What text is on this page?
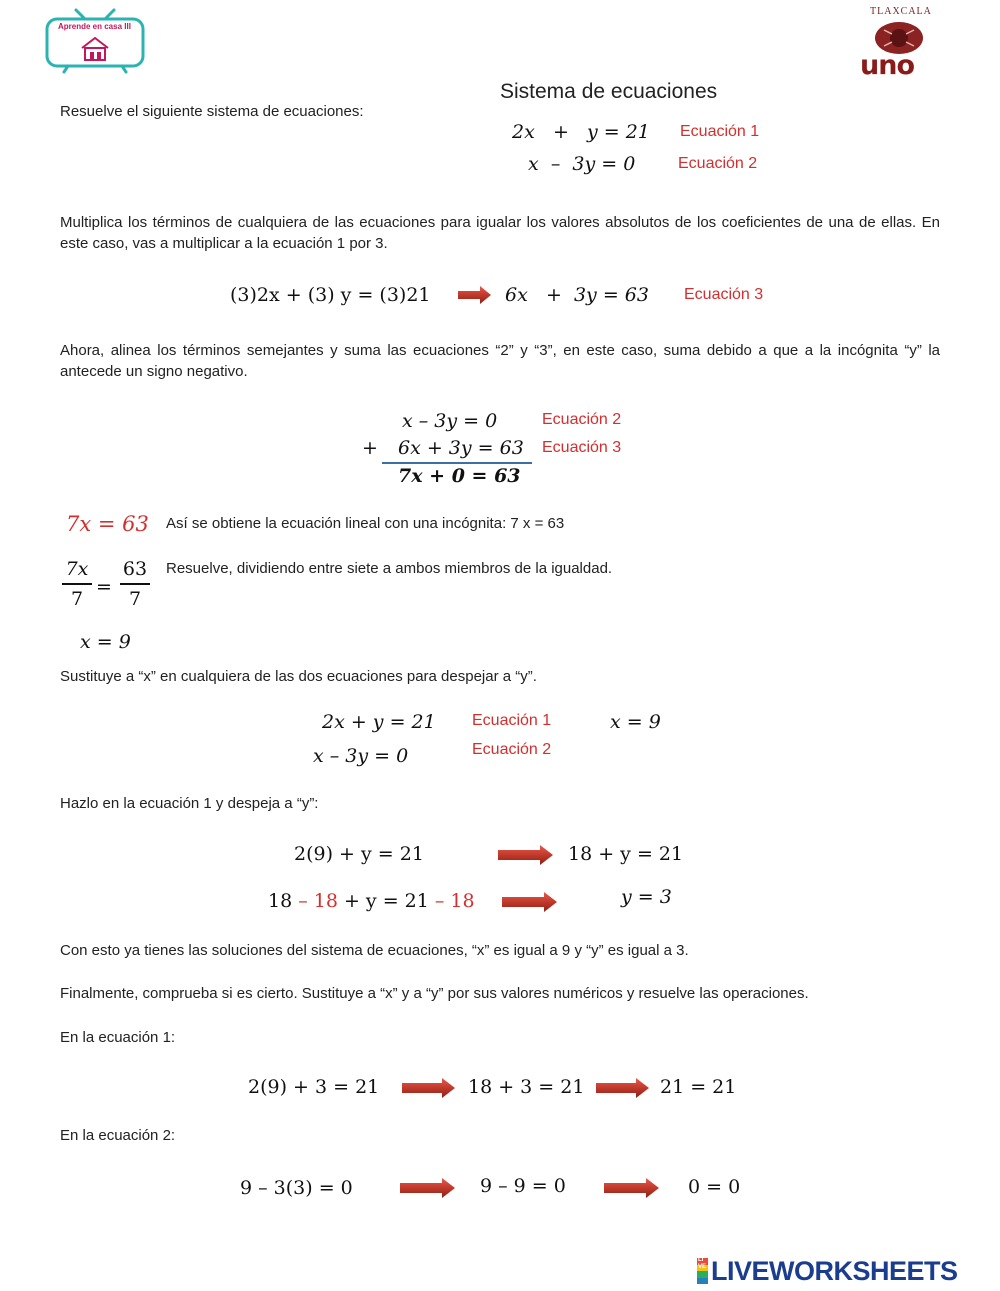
Aprende en casa III
TLAXCALA
uno
Sistema de ecuaciones
Resuelve el siguiente sistema de ecuaciones:
2x + y = 21 Ecuación 1
x – 3y = 0	Ecuación 2
Multiplica los términos de cualquiera de las ecuaciones para igualar los valores absolutos de los coeficientes de una de ellas. En este caso, vas a multiplicar a la ecuación 1 por 3.
(3)2x + (3) y = (3)21	6x + 3y = 63 Ecuación 3
Ahora, alinea los términos semejantes y suma las ecuaciones “2” y “3”, en este caso, suma debido a que a la incógnita “y” la antecede un signo negativo.
x – 3y = 0	Ecuación 2
+ 6x + 3y = 63 Ecuación 3
7x + 0 = 63
7x = 63 Así se obtiene la ecuación lineal con una incógnita: 7 x = 63
7x
7
=
63
7
Resuelve, dividiendo entre siete a ambos miembros de la igualdad.
x = 9
Sustituye a “x” en cualquiera de las dos ecuaciones para despejar a “y”.
2x + y = 21 Ecuación 1	x = 9
x – 3y = 0	Ecuación 2
Hazlo en la ecuación 1 y despeja a “y”:
2(9) + y = 21	18 + y = 21
18 – 18 + y = 21 – 18	y = 3
Con esto ya tienes las soluciones del sistema de ecuaciones, “x” es igual a 9 y “y” es igual a 3.
Finalmente, comprueba si es cierto. Sustituye a “x” y a “y” por sus valores numéricos y resuelve las operaciones.
En la ecuación 1:
2(9) + 3 = 21	18 + 3 = 21	21 = 21
En la ecuación 2:
9 – 3(3) = 0	9 – 9 = 0	0 = 0
LIVE LIVEWORKSHEETS
